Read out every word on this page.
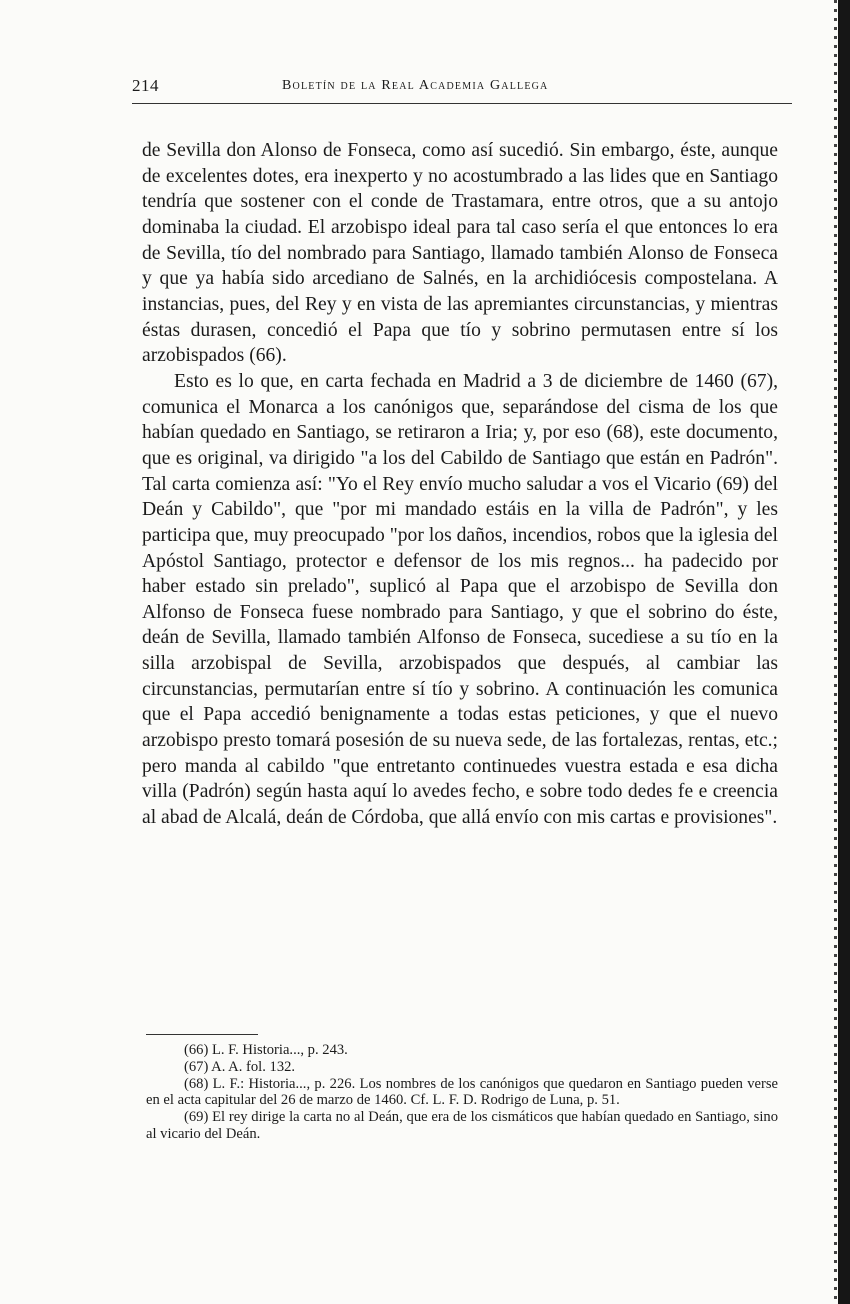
214	Boletín de la Real Academia Gallega

de Sevilla don Alonso de Fonseca, como así sucedió. Sin embargo, éste, aunque de excelentes dotes, era inexperto y no acostumbrado a las lides que en Santiago tendría que sostener con el conde de Trastamara, entre otros, que a su antojo dominaba la ciudad. El arzobispo ideal para tal caso sería el que entonces lo era de Sevilla, tío del nombrado para Santiago, llamado también Alonso de Fonseca y que ya había sido arcediano de Salnés, en la archidiócesis compostelana. A instancias, pues, del Rey y en vista de las apremiantes circunstancias, y mientras éstas durasen, concedió el Papa que tío y sobrino permutasen entre sí los arzobispados (66).

Esto es lo que, en carta fechada en Madrid a 3 de diciembre de 1460 (67), comunica el Monarca a los canónigos que, separándose del cisma de los que habían quedado en Santiago, se retiraron a Iria; y, por eso (68), este documento, que es original, va dirigido "a los del Cabildo de Santiago que están en Padrón". Tal carta comienza así: "Yo el Rey envío mucho saludar a vos el Vicario (69) del Deán y Cabildo", que "por mi mandado estáis en la villa de Padrón", y les participa que, muy preocupado "por los daños, incendios, robos que la iglesia del Apóstol Santiago, protector e defensor de los mis regnos... ha padecido por haber estado sin prelado", suplicó al Papa que el arzobispo de Sevilla don Alfonso de Fonseca fuese nombrado para Santiago, y que el sobrino do éste, deán de Sevilla, llamado también Alfonso de Fonseca, sucediese a su tío en la silla arzobispal de Sevilla, arzobispados que después, al cambiar las circunstancias, permutarían entre sí tío y sobrino. A continuación les comunica que el Papa accedió benignamente a todas estas peticiones, y que el nuevo arzobispo presto tomará posesión de su nueva sede, de las fortalezas, rentas, etc.; pero manda al cabildo "que entretanto continuedes vuestra estada e esa dicha villa (Padrón) según hasta aquí lo avedes fecho, e sobre todo dedes fe e creencia al abad de Alcalá, deán de Córdoba, que allá envío con mis cartas e provisiones".

(66) L. F. Historia..., p. 243.

(67) A. A. fol. 132.

(68) L. F.: Historia..., p. 226. Los nombres de los canónigos que quedaron en Santiago pueden verse en el acta capitular del 26 de marzo de 1460. Cf. L. F. D. Rodrigo de Luna, p. 51.

(69) El rey dirige la carta no al Deán, que era de los cismáticos que habían quedado en Santiago, sino al vicario del Deán.
